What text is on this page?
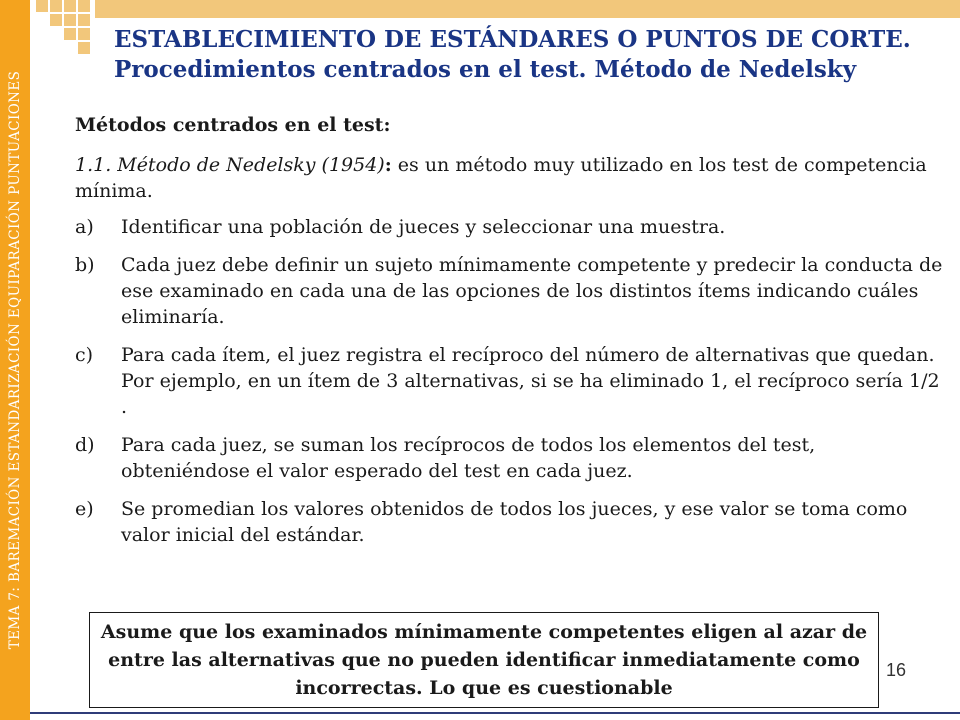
TEMA 7: BAREMACIÓN ESTANDARIZACIÓN EQUIPARACIÓN PUNTUACIONES
ESTABLECIMIENTO DE ESTÁNDARES O PUNTOS DE CORTE.
Procedimientos centrados en el test. Método de Nedelsky
Métodos centrados en el test:
1.1. Método de Nedelsky (1954): es un método muy utilizado en los test de competencia mínima.
a)	Identificar una población de jueces y seleccionar una muestra.
b)	Cada juez debe definir un sujeto mínimamente competente y predecir la conducta de ese examinado en cada una de las opciones de los distintos ítems indicando cuáles eliminaría.
c)	Para cada ítem, el juez registra el recíproco del número de alternativas que quedan. Por ejemplo, en un ítem de 3 alternativas, si se ha eliminado 1, el recíproco sería 1/2 .
d)	Para cada juez, se suman los recíprocos de todos los elementos del test, obteniéndose el valor esperado del test en cada juez.
e)	Se promedian los valores obtenidos de todos los jueces, y ese valor se toma como valor inicial del estándar.
Asume que los examinados mínimamente competentes eligen al azar de entre las alternativas que no pueden identificar inmediatamente como incorrectas. Lo que es cuestionable
16
